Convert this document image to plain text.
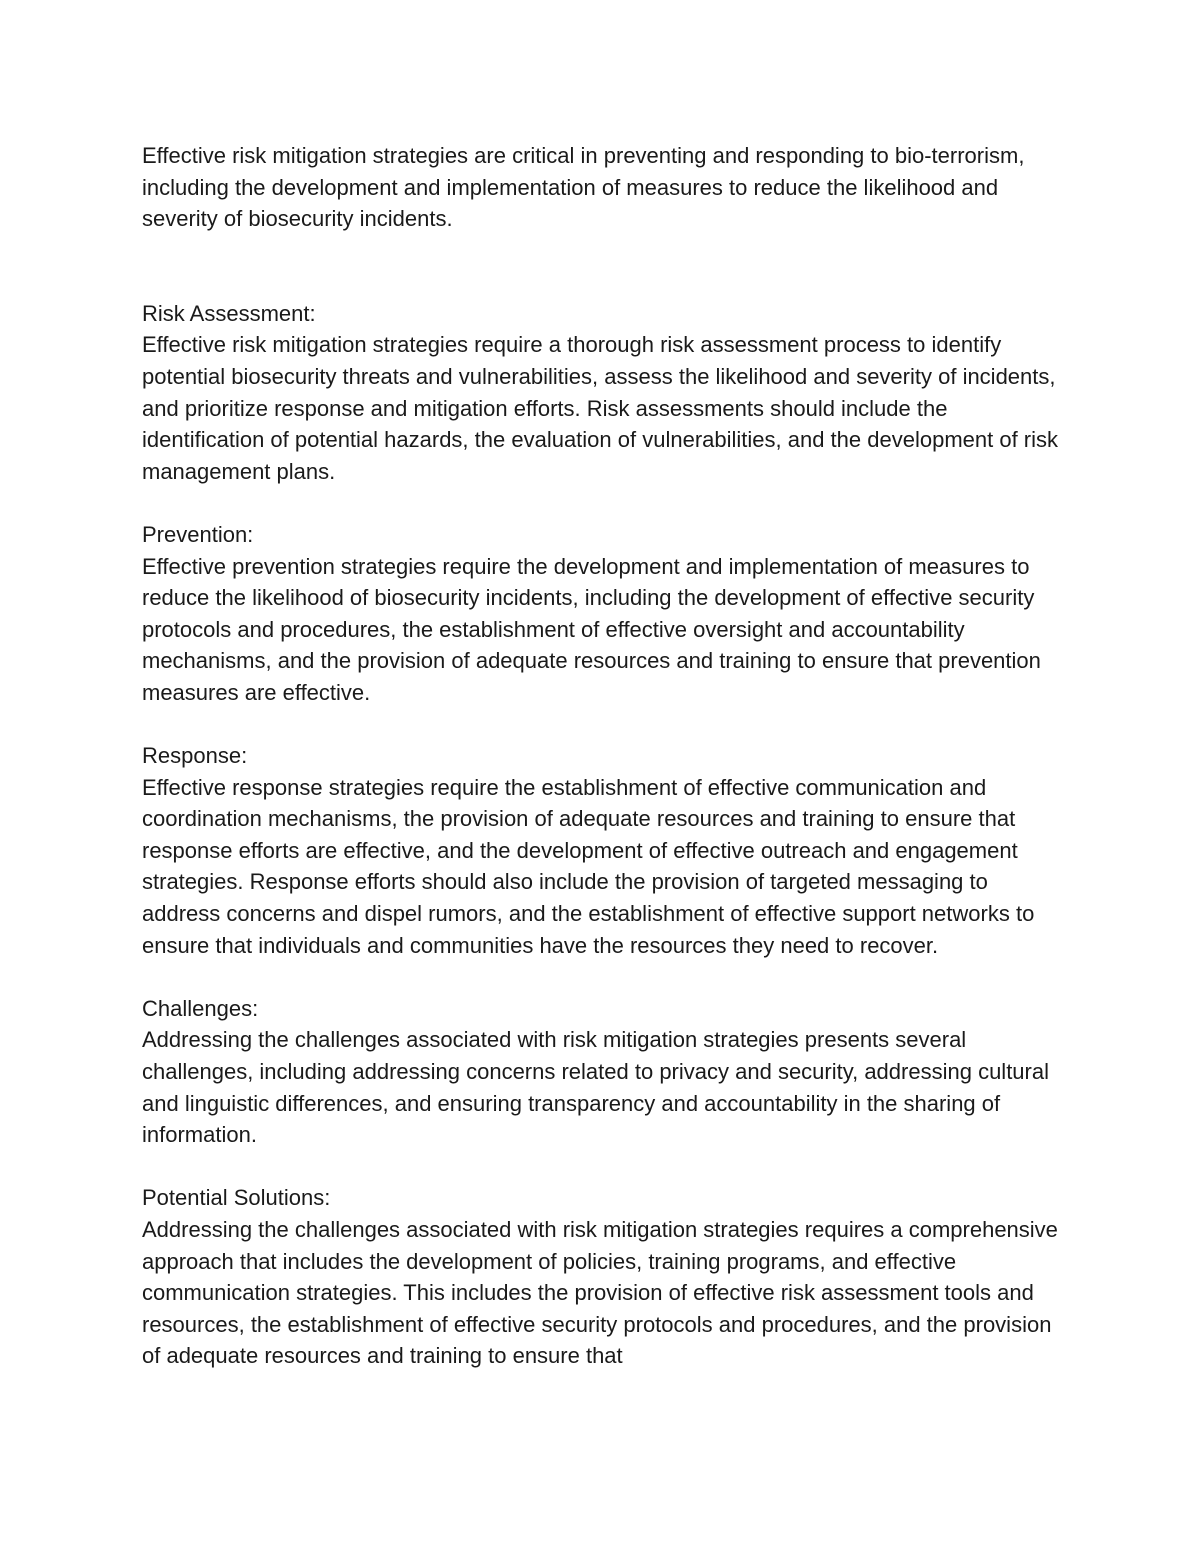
Effective risk mitigation strategies are critical in preventing and responding to bio-terrorism, including the development and implementation of measures to reduce the likelihood and severity of biosecurity incidents.

Risk Assessment:
Effective risk mitigation strategies require a thorough risk assessment process to identify potential biosecurity threats and vulnerabilities, assess the likelihood and severity of incidents, and prioritize response and mitigation efforts. Risk assessments should include the identification of potential hazards, the evaluation of vulnerabilities, and the development of risk management plans.
Prevention:
Effective prevention strategies require the development and implementation of measures to reduce the likelihood of biosecurity incidents, including the development of effective security protocols and procedures, the establishment of effective oversight and accountability mechanisms, and the provision of adequate resources and training to ensure that prevention measures are effective.
Response:
Effective response strategies require the establishment of effective communication and coordination mechanisms, the provision of adequate resources and training to ensure that response efforts are effective, and the development of effective outreach and engagement strategies. Response efforts should also include the provision of targeted messaging to address concerns and dispel rumors, and the establishment of effective support networks to ensure that individuals and communities have the resources they need to recover.
Challenges:
Addressing the challenges associated with risk mitigation strategies presents several challenges, including addressing concerns related to privacy and security, addressing cultural and linguistic differences, and ensuring transparency and accountability in the sharing of information.
Potential Solutions:
Addressing the challenges associated with risk mitigation strategies requires a comprehensive approach that includes the development of policies, training programs, and effective communication strategies. This includes the provision of effective risk assessment tools and resources, the establishment of effective security protocols and procedures, and the provision of adequate resources and training to ensure that
